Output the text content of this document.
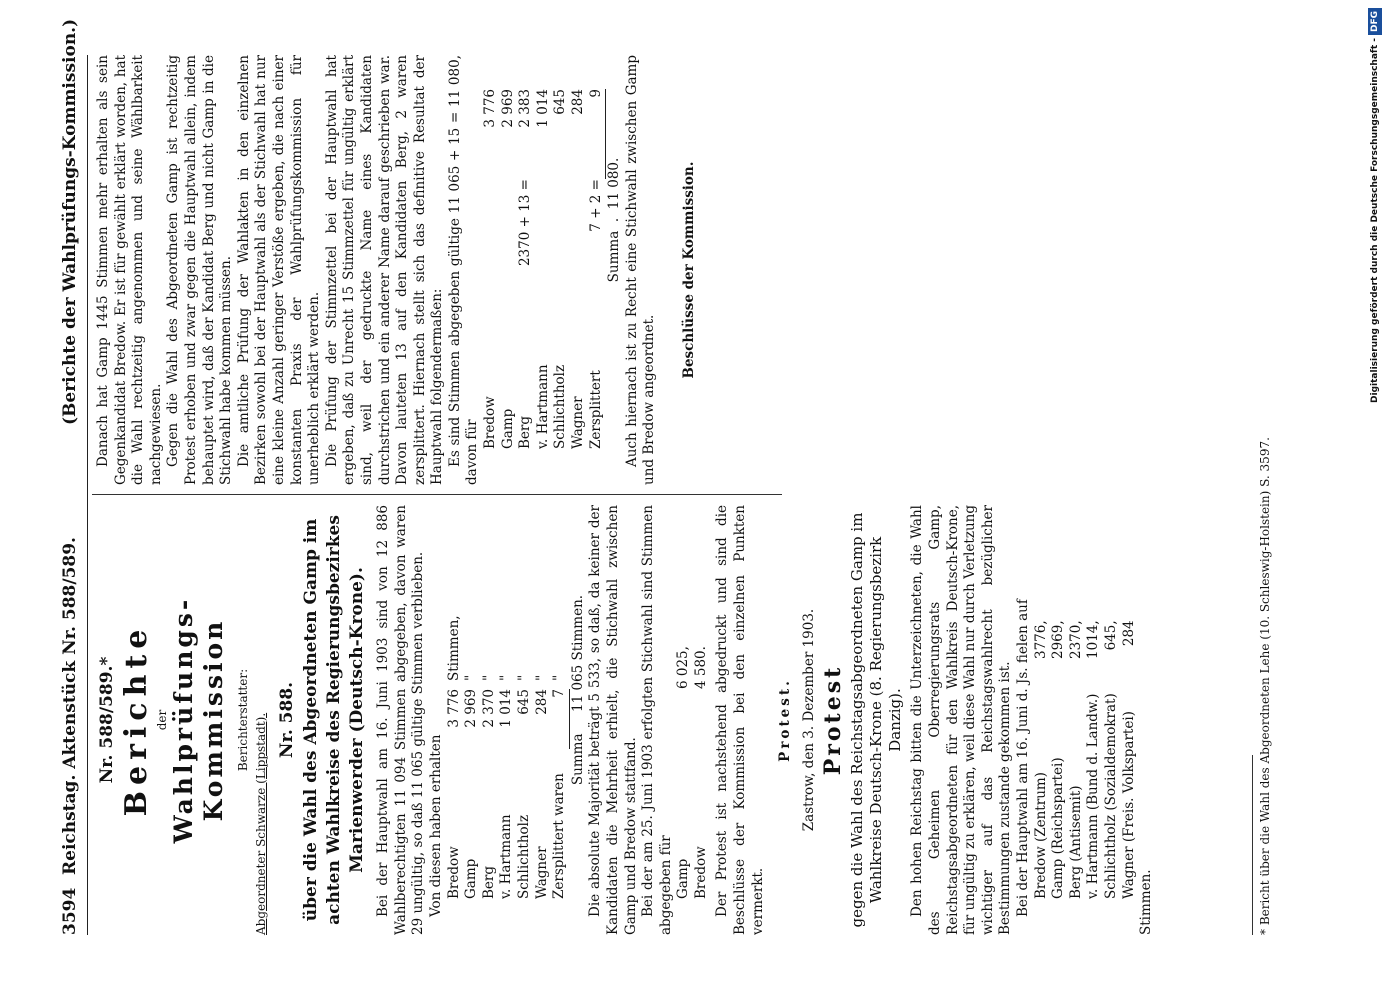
3594
Reichstag. Aktenstück Nr. 588/589.
(Berichte der Wahlprüfungs-Kommission.)

Nr. 588/589.* Berichte der Wahlprüfungs-Kommission Berichterstatter: Abgeordneter Schwarze (Lippstadt). Nr. 588. über die Wahl des Abgeordneten Gamp im achten Wahlkreise des Regierungsbezirkes Marienwerder (Deutsch-Krone). Bei der Hauptwahl am 16. Juni 1903 sind von 12 886 Wahlberechtigten 11 094 Stimmen abgegeben, davon waren 29 ungültig, so daß 11 065 gültige Stimmen verblieben. Von diesen haben erhalten Bredow	3 776	Stimmen,
Gamp	2 969	"
Berg	2 370	"
v. Hartmann	1 014	"
Schlichtholz	645	"
Wagner	284	"
Zersplittert waren	7	"

Summa     11 065 Stimmen. Die absolute Majorität beträgt 5 533, so daß, da keiner der Kandidaten die Mehrheit erhielt, die Stichwahl zwischen Gamp und Bredow stattfand. Bei der am 25. Juni 1903 erfolgten Stichwahl sind Stimmen abgegeben für Gamp	6 025,
Bredow	4 580. Der Protest ist nachstehend abgedruckt und sind die Beschlüsse der Kommission bei den einzelnen Punkten vermerkt.

Protest. Zastrow, den 3. Dezember 1903. Protest gegen die Wahl des Reichstagsabgeordneten Gamp im Wahlkreise Deutsch-Krone (8. Regierungsbezirk Danzig). Den hohen Reichstag bitten die Unterzeichneten, die Wahl des Geheimen Oberregierungsrats Gamp, Reichstagsabgeordneten für den Wahlkreis Deutsch-Krone, für ungültig zu erklären, weil diese Wahl nur durch Verletzung wichtiger auf das Reichstagswahlrecht bezüglicher Bestimmungen zustande gekommen ist. Bei der Hauptwahl am 16. Juni d. Js. fielen auf Bredow (Zentrum)	3776,
Gamp (Reichspartei)	2969,
Berg (Antisemit)	2370,
v. Hartmann (Bund d. Landw.)	1014,
Schlichtholz (Sozialdemokrat)	645,
Wagner (Freis. Volkspartei)	284

Stimmen.

Danach hat Gamp 1445 Stimmen mehr erhalten als sein Gegenkandidat Bredow. Er ist für gewählt erklärt worden, hat die Wahl rechtzeitig angenommen und seine Wählbarkeit nachgewiesen. Gegen die Wahl des Abgeordneten Gamp ist rechtzeitig Protest erhoben und zwar gegen die Hauptwahl allein, indem behauptet wird, daß der Kandidat Berg und nicht Gamp in die Stichwahl habe kommen müssen. Die amtliche Prüfung der Wahlakten in den einzelnen Bezirken sowohl bei der Hauptwahl als der Stichwahl hat nur eine kleine Anzahl geringer Verstöße ergeben, die nach einer konstanten Praxis der Wahlprüfungskommission für unerheblich erklärt werden. Die Prüfung der Stimmzettel bei der Hauptwahl hat ergeben, daß zu Unrecht 15 Stimmzettel für ungültig erklärt sind, weil der gedruckte Name eines Kandidaten durchstrichen und ein anderer Name darauf geschrieben war. Davon lauteten 13 auf den Kandidaten Berg, 2 waren zersplittert. Hiernach stellt sich das definitive Resultat der Hauptwahl folgendermaßen: Es sind Stimmen abgegeben gültige 11 065 + 15 = 11 080, davon für Bredow		3 776
Gamp		2 969
Berg	2370 + 13 =	2 383
v. Hartmann		1 014
Schlichtholz		645
Wagner		284
Zersplittert	7 + 2 =	9

Summa  .  11 080. Auch hiernach ist zu Recht eine Stichwahl zwischen Gamp und Bredow angeordnet.

Beschlüsse der Kommission.

* Bericht über die Wahl des Abgeordneten Lehe (10. Schleswig-Holstein) S. 3597.
Digitalisierung gefördert durch die Deutsche Forschungsgemeinschaft -DFG
